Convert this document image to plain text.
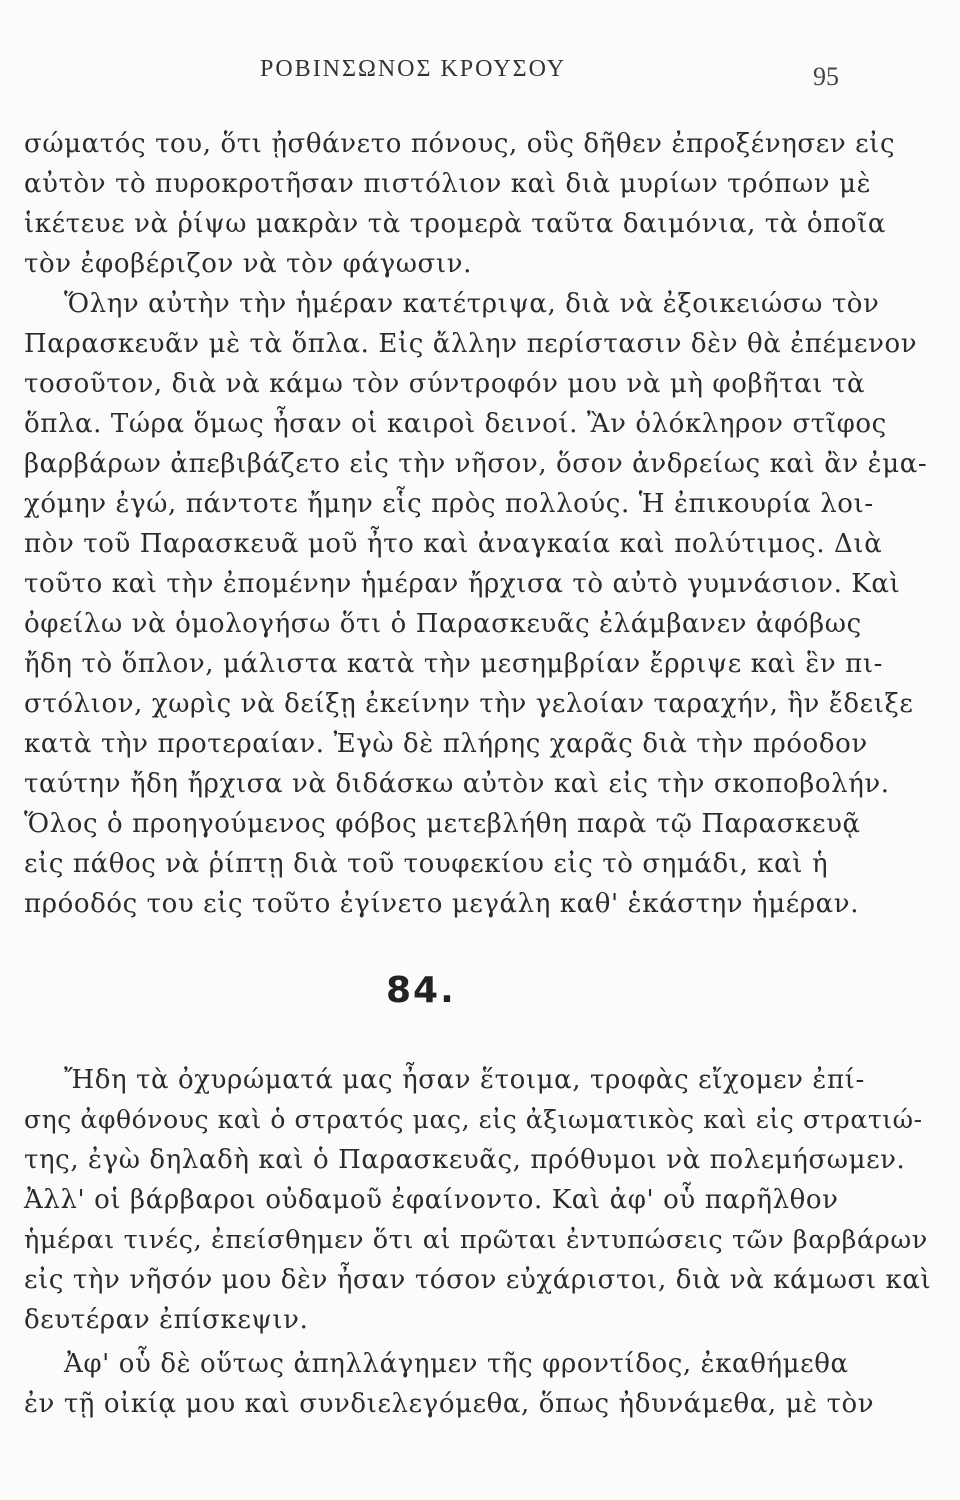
ΡΟΒΙΝΣΩΝΟΣ ΚΡΟΥΣΟΥ	95
σώματός του, ὅτι ᾐσθάνετο πόνους, οὓς δῆθεν ἐπροξένησεν εἰς
αὐτὸν τὸ πυροκροτῆσαν πιστόλιον καὶ διὰ μυρίων τρόπων μὲ
ἱκέτευε νὰ ῥίψω μακρὰν τὰ τρομερὰ ταῦτα δαιμόνια, τὰ ὁποῖα
τὸν ἐφοβέριζον νὰ τὸν φάγωσιν.
Ὅλην αὐτὴν τὴν ἡμέραν κατέτριψα, διὰ νὰ ἐξοικειώσω τὸν
Παρασκευᾶν μὲ τὰ ὅπλα. Εἰς ἄλλην περίστασιν δὲν θὰ ἐπέμενον
τοσοῦτον, διὰ νὰ κάμω τὸν σύντροφόν μου νὰ μὴ φοβῆται τὰ
ὅπλα. Τώρα ὅμως ἦσαν οἱ καιροὶ δεινοί. Ἂν ὁλόκληρον στῖφος
βαρβάρων ἀπεβιβάζετο εἰς τὴν νῆσον, ὅσον ἀνδρείως καὶ ἂν ἐμα-
χόμην ἐγώ, πάντοτε ἤμην εἷς πρὸς πολλούς. Ἡ ἐπικουρία λοι-
πὸν τοῦ Παρασκευᾶ μοῦ ἦτο καὶ ἀναγκαία καὶ πολύτιμος. Διὰ
τοῦτο καὶ τὴν ἐπομένην ἡμέραν ἤρχισα τὸ αὐτὸ γυμνάσιον. Καὶ
ὀφείλω νὰ ὁμολογήσω ὅτι ὁ Παρασκευᾶς ἐλάμβανεν ἀφόβως
ἤδη τὸ ὅπλον, μάλιστα κατὰ τὴν μεσημβρίαν ἔρριψε καὶ ἓν πι-
στόλιον, χωρὶς νὰ δείξῃ ἐκείνην τὴν γελοίαν ταραχήν, ἣν ἔδειξε
κατὰ τὴν προτεραίαν. Ἐγὼ δὲ πλήρης χαρᾶς διὰ τὴν πρόοδον
ταύτην ἤδη ἤρχισα νὰ διδάσκω αὐτὸν καὶ εἰς τὴν σκοποβολήν.
Ὅλος ὁ προηγούμενος φόβος μετεβλήθη παρὰ τῷ Παρασκευᾷ
εἰς πάθος νὰ ῥίπτῃ διὰ τοῦ τουφεκίου εἰς τὸ σημάδι, καὶ ἡ
πρόοδός του εἰς τοῦτο ἐγίνετο μεγάλη καθ' ἑκάστην ἡμέραν.
84.
Ἤδη τὰ ὀχυρώματά μας ἦσαν ἕτοιμα, τροφὰς εἴχομεν ἐπί-
σης ἀφθόνους καὶ ὁ στρατός μας, εἰς ἀξιωματικὸς καὶ εἰς στρατιώ-
της, ἐγὼ δηλαδὴ καὶ ὁ Παρασκευᾶς, πρόθυμοι νὰ πολεμήσωμεν.
Ἀλλ' οἱ βάρβαροι οὐδαμοῦ ἐφαίνοντο. Καὶ ἀφ' οὗ παρῆλθον
ἡμέραι τινές, ἐπείσθημεν ὅτι αἱ πρῶται ἐντυπώσεις τῶν βαρβάρων
εἰς τὴν νῆσόν μου δὲν ἦσαν τόσον εὐχάριστοι, διὰ νὰ κάμωσι καὶ
δευτέραν ἐπίσκεψιν.
Ἀφ' οὗ δὲ οὕτως ἀπηλλάγημεν τῆς φροντίδος, ἐκαθήμεθα
ἐν τῇ οἰκίᾳ μου καὶ συνδιελεγόμεθα, ὅπως ἠδυνάμεθα, μὲ τὸν
